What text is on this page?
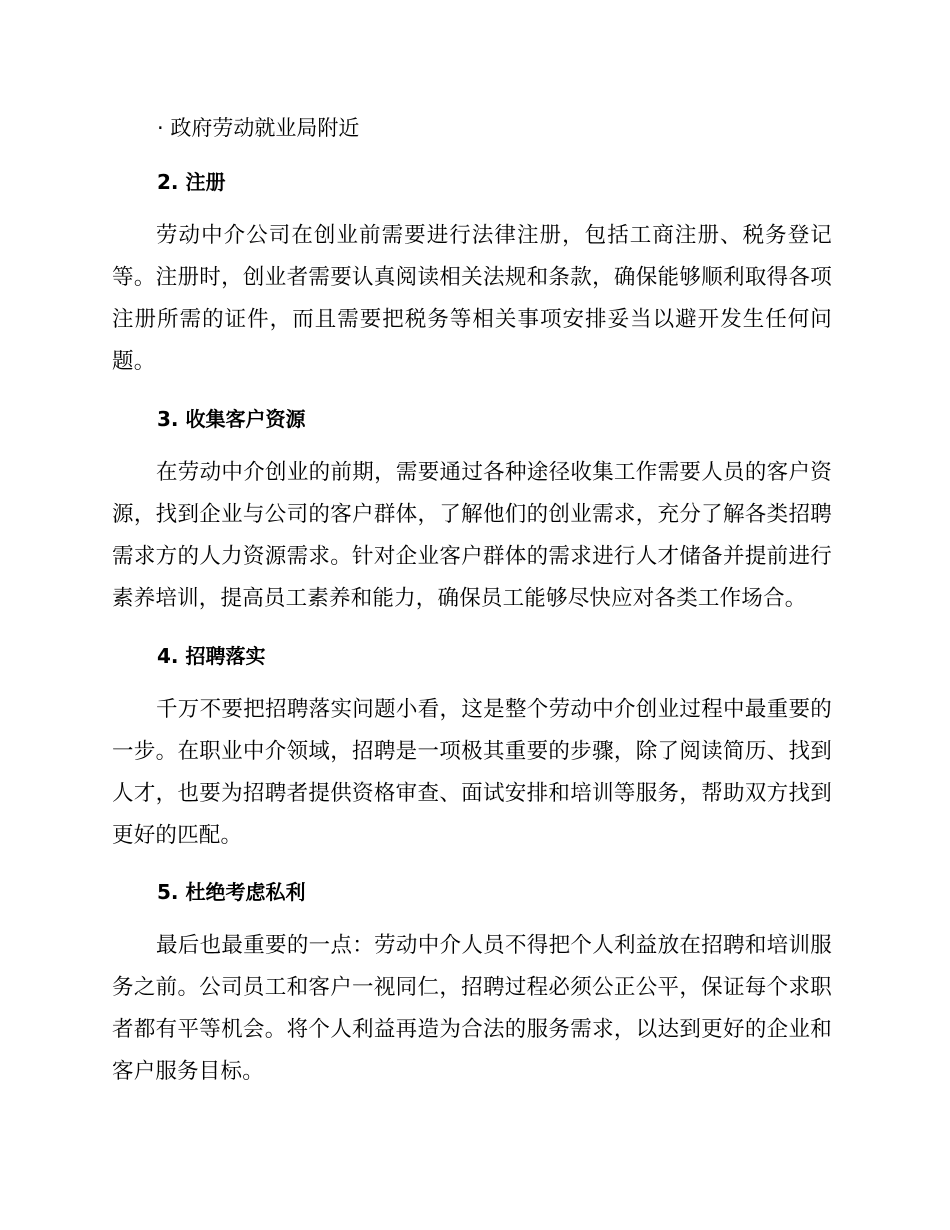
· 政府劳动就业局附近
2. 注册
劳动中介公司在创业前需要进行法律注册，包括工商注册、税务登记等。注册时，创业者需要认真阅读相关法规和条款，确保能够顺利取得各项注册所需的证件，而且需要把税务等相关事项安排妥当以避开发生任何问题。
3. 收集客户资源
在劳动中介创业的前期，需要通过各种途径收集工作需要人员的客户资源，找到企业与公司的客户群体，了解他们的创业需求，充分了解各类招聘需求方的人力资源需求。针对企业客户群体的需求进行人才储备并提前进行素养培训，提高员工素养和能力，确保员工能够尽快应对各类工作场合。
4. 招聘落实
千万不要把招聘落实问题小看，这是整个劳动中介创业过程中最重要的一步。在职业中介领域，招聘是一项极其重要的步骤，除了阅读简历、找到人才，也要为招聘者提供资格审查、面试安排和培训等服务，帮助双方找到更好的匹配。
5. 杜绝考虑私利
最后也最重要的一点：劳动中介人员不得把个人利益放在招聘和培训服务之前。公司员工和客户一视同仁，招聘过程必须公正公平，保证每个求职者都有平等机会。将个人利益再造为合法的服务需求，以达到更好的企业和客户服务目标。
